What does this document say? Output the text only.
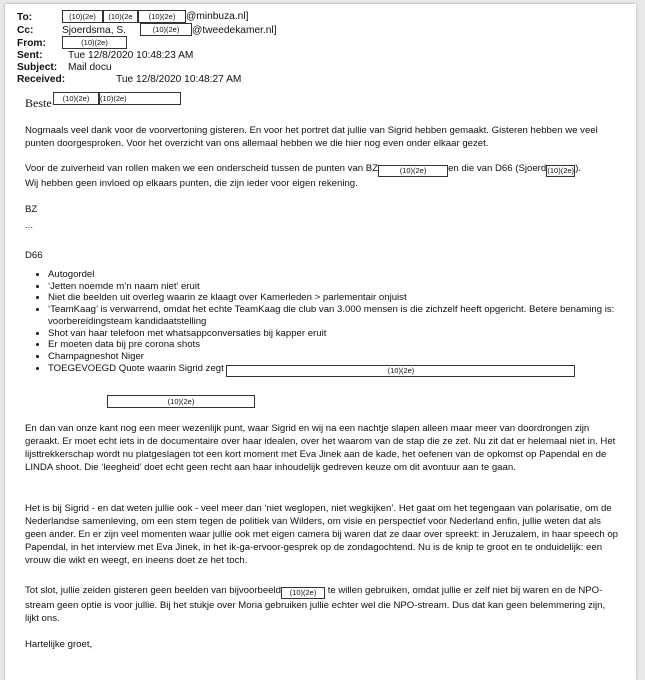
To:	(10)(2e)	(10)(2e	(10)(2e)	@minbuza.nl]
Cc:	Sjoerdsma, S.	(10)(2e)	@tweedekamer.nl]
From:	(10)(2e)
Sent:	Tue 12/8/2020 10:48:23 AM
Subject: Mail docu
Received:	Tue 12/8/2020 10:48:27 AM
Beste	(10)(2e)	(10)(2e)

Nogmaals veel dank voor de voorvertoning gisteren. En voor het portret dat jullie van Sigrid hebben gemaakt. Gisteren hebben we veel punten doorgesproken. Voor het overzicht van ons allemaal hebben we die hier nog even onder elkaar gezet.

Voor de zuiverheid van rollen maken we een onderscheid tussen de punten van BZ	(10)(2e) en die van D66 (Sjoerd(10)(2e)).

Wij hebben geen invloed op elkaars punten, die zijn ieder voor eigen rekening.

BZ
...
D66
• Autogordel
• ‘Jetten noemde m’n naam niet’ eruit
• Niet die beelden uit overleg waarin ze klaagt over Kamerleden > parlementair onjuist
• ‘TeamKaag’ is verwarrend, omdat het echte TeamKaag die club van 3.000 mensen is die zichzelf heeft opgericht. Betere benaming is: voorbereidingsteam kandidaatstelling
• Shot van haar telefoon met whatsappconversaties bij kapper eruit
• Er moeten data bij pre corona shots
• Champagneshot Niger
• TOEGEVOEGD Quote waarin Sigrid zegt	(10)(2e)
(10)(2e)

En dan van onze kant nog een meer wezenlijk punt, waar Sigrid en wij na een nachtje slapen alleen maar meer van doordrongen zijn geraakt. Er moet echt iets in de documentaire over haar idealen, over het waarom van de stap die ze zet. Nu zit dat er helemaal niet in. Het lijsttrekkerschap wordt nu platgeslagen tot een kort moment met Eva Jinek aan de kade, het oefenen van de opkomst op Papendal en de LINDA shoot. Die ‘leegheid’ doet echt geen recht aan haar inhoudelijk gedreven keuze om dit avontuur aan te gaan.

Het is bij Sigrid - en dat weten jullie ook - veel meer dan ‘niet weglopen, niet wegkijken’. Het gaat om het tegengaan van polarisatie, om de Nederlandse samenleving, om een stem tegen de politiek van Wilders, om visie en perspectief voor Nederland enfin, jullie weten dat als geen ander. En er zijn veel momenten waar jullie ook met eigen camera bij waren dat ze daar over spreekt: in Jeruzalem, in haar speech op Papendal, in het interview met Eva Jinek, in het ik-ga-ervoor-gesprek op de zondagochtend. Nu is de knip te groot en te onduidelijk: een vrouw die wikt en weegt, en ineens doet ze het toch.

Tot slot, jullie zeiden gisteren geen beelden van bijvoorbeeld (10)(2e) te willen gebruiken, omdat jullie er zelf niet bij waren en de NPO-stream geen optie is voor jullie. Bij het stukje over Moria gebruiken jullie echter wel die NPO-stream. Dus dat kan geen belemmering zijn, lijkt ons.

Hartelijke groet,
